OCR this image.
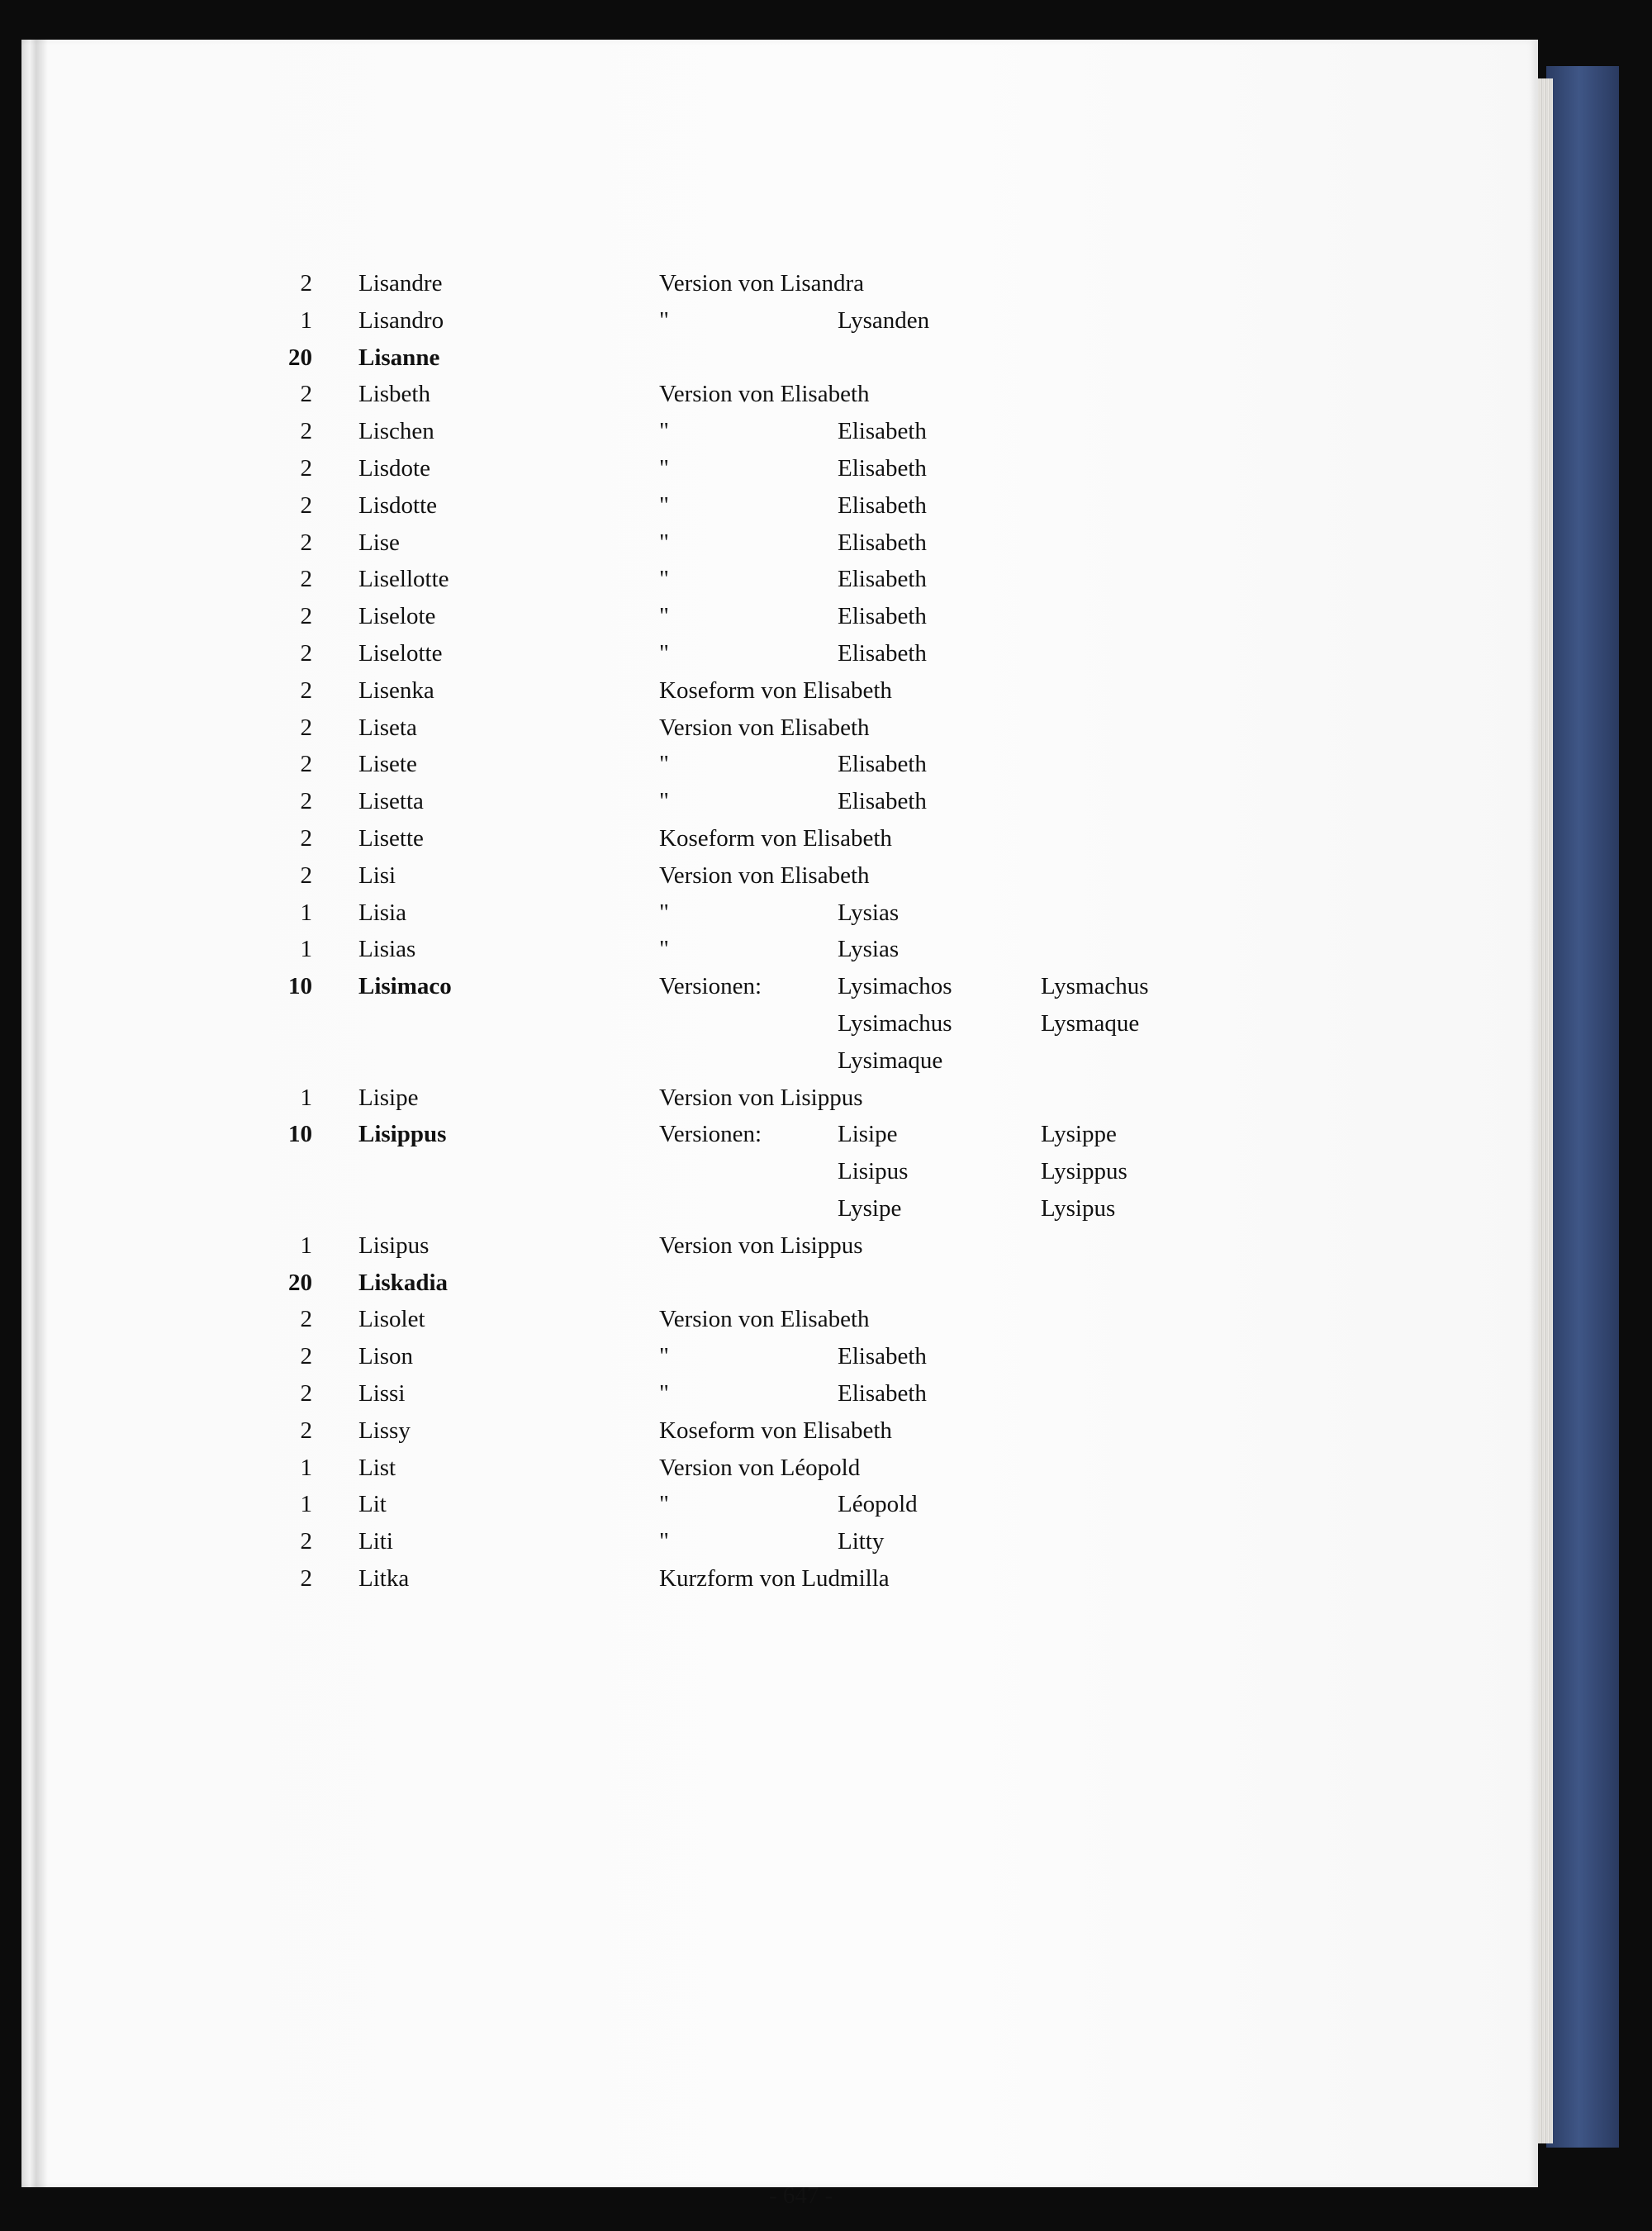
2 Lisandre	Version von Lisandra
1 Lisandro	"	Lysanden
20 Lisanne
2 Lisbeth	Version von Elisabeth
2 Lischen	"	Elisabeth
2 Lisdote	"	Elisabeth
2 Lisdotte	"	Elisabeth
2 Lise	"	Elisabeth
2 Lisellotte	"	Elisabeth
2 Liselote	"	Elisabeth
2 Liselotte	"	Elisabeth
2 Lisenka	Koseform von Elisabeth
2 Liseta	Version von Elisabeth
2 Lisete	"	Elisabeth
2 Lisetta	"	Elisabeth
2 Lisette	Koseform von Elisabeth
2 Lisi	Version von Elisabeth
1 Lisia	"	Lysias
1 Lisias	"	Lysias
10 Lisimaco	Versionen:	Lysimachos	Lysmachus
Lysimachus	Lysmaque
Lysimaque
1 Lisipe	Version von Lisippus
10 Lisippus	Versionen:	Lisipe	Lysippe
Lisipus	Lysippus
Lysipe	Lysipus
1 Lisipus	Version von Lisippus
20 Liskadia
2 Lisolet	Version von Elisabeth
2 Lison	"	Elisabeth
2 Lissi	"	Elisabeth
2 Lissy	Koseform von Elisabeth
1 List	Version von Léopold
1 Lit	"	Léopold
2 Liti	"	Litty
2 Litka	Kurzform von Ludmilla
- 647 -
